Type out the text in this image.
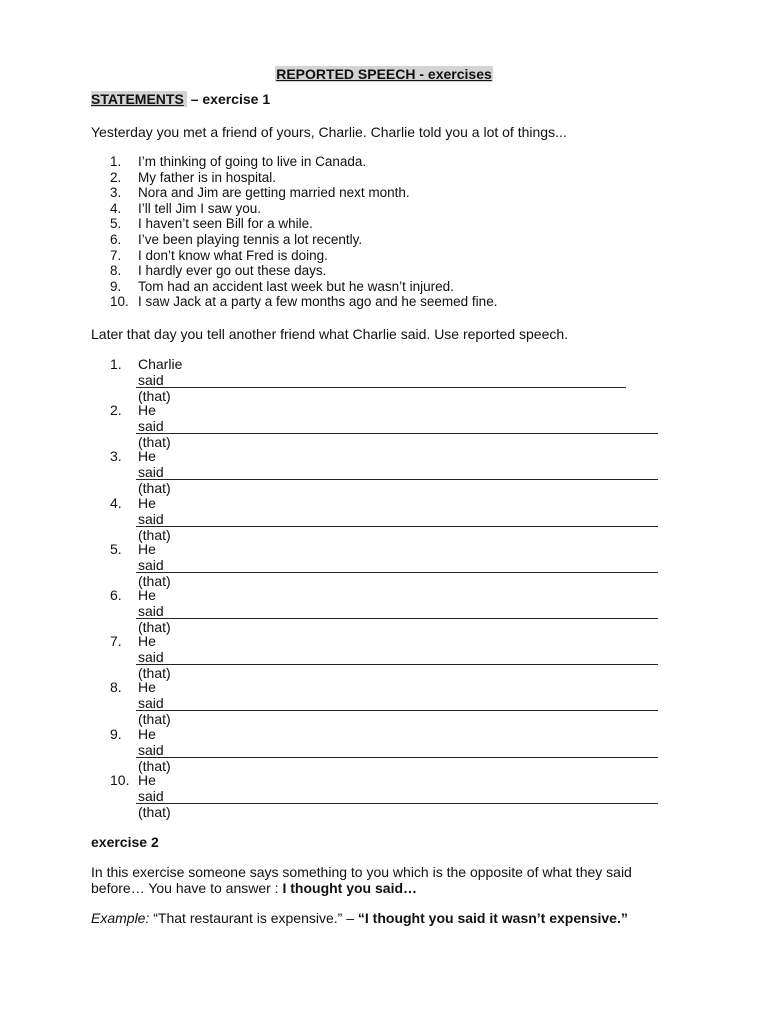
REPORTED SPEECH - exercises
STATEMENTS – exercise 1
Yesterday you met a friend of yours, Charlie. Charlie told you a lot of things...
1.	I’m thinking of going to live in Canada.
2.	My father is in hospital.
3.	Nora and Jim are getting married next month.
4.	I’ll tell Jim I saw you.
5.	I haven’t seen Bill for a while.
6.	I’ve been playing tennis a lot recently.
7.	I don’t know what Fred is doing.
8.	I hardly ever go out these days.
9.	Tom had an accident last week but he wasn’t injured.
10. I saw Jack at a party a few months ago and he seemed fine.
Later that day you tell another friend what Charlie said. Use reported speech.
1.	Charlie said (that)
2.	He said (that)
3.	He said (that)
4.	He said (that)
5.	He said (that)
6.	He said (that)
7.	He said (that)
8.	He said (that)
9.	He said (that)
10. He said (that)
exercise 2
In this exercise someone says something to you which is the opposite of what they said before… You have to answer : I thought you said…
Example: “That restaurant is expensive.” – “I thought you said it wasn’t expensive.”
